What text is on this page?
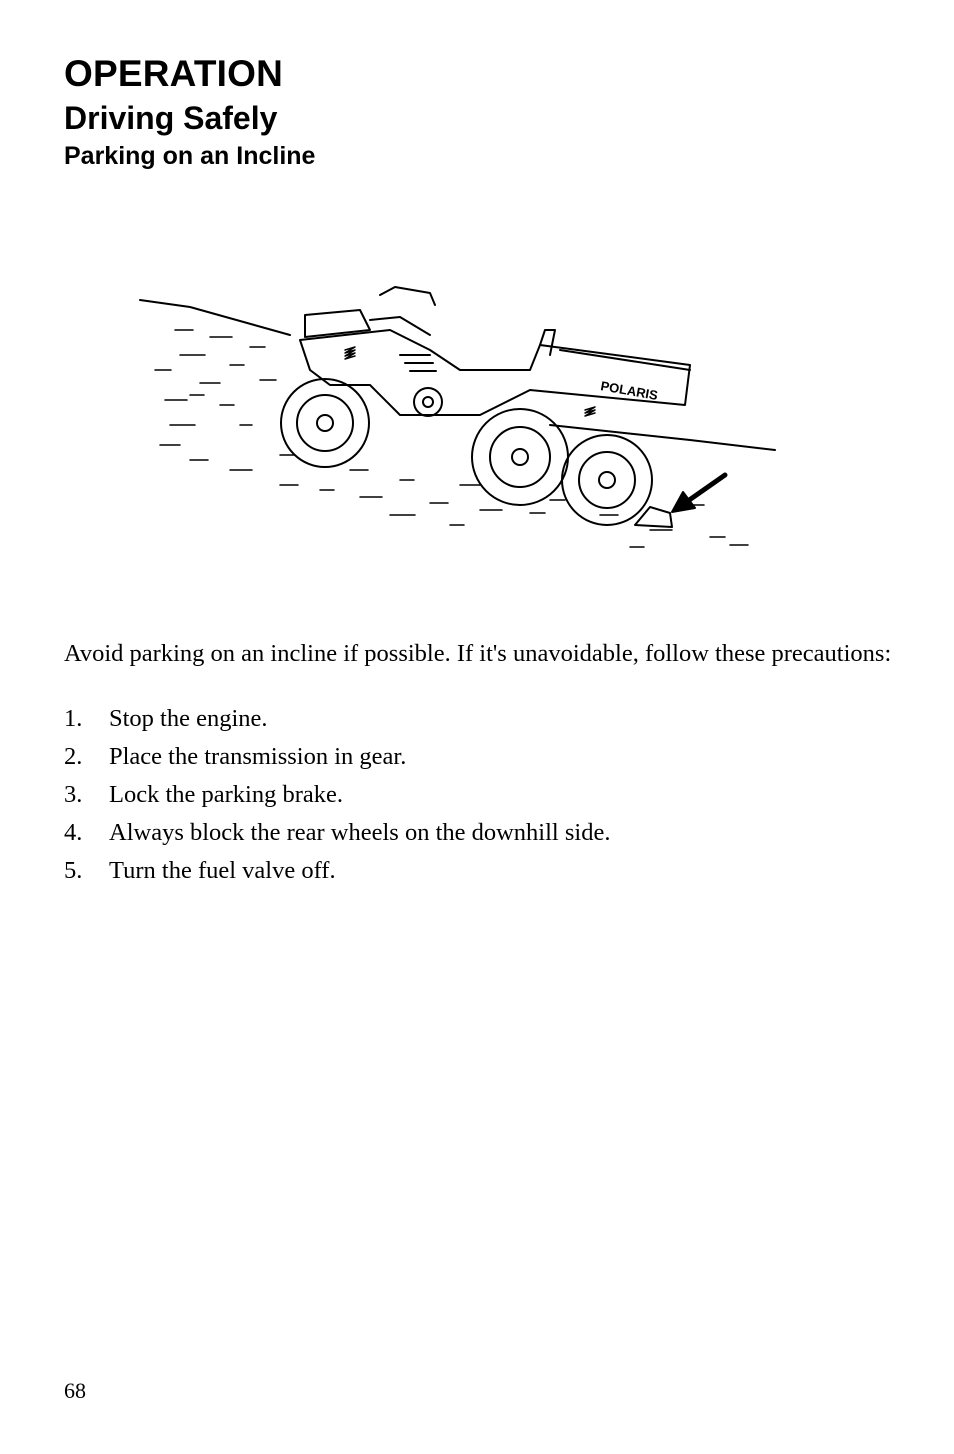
OPERATION
Driving Safely
Parking on an Incline
POLARIS

Avoid parking on an incline if possible. If it's unavoidable, follow these precautions:

1.	Stop the engine.
2.	Place the transmission in gear.
3.	Lock the parking brake.
4.	Always block the rear wheels on the downhill side.
5.	Turn the fuel valve off.
68
